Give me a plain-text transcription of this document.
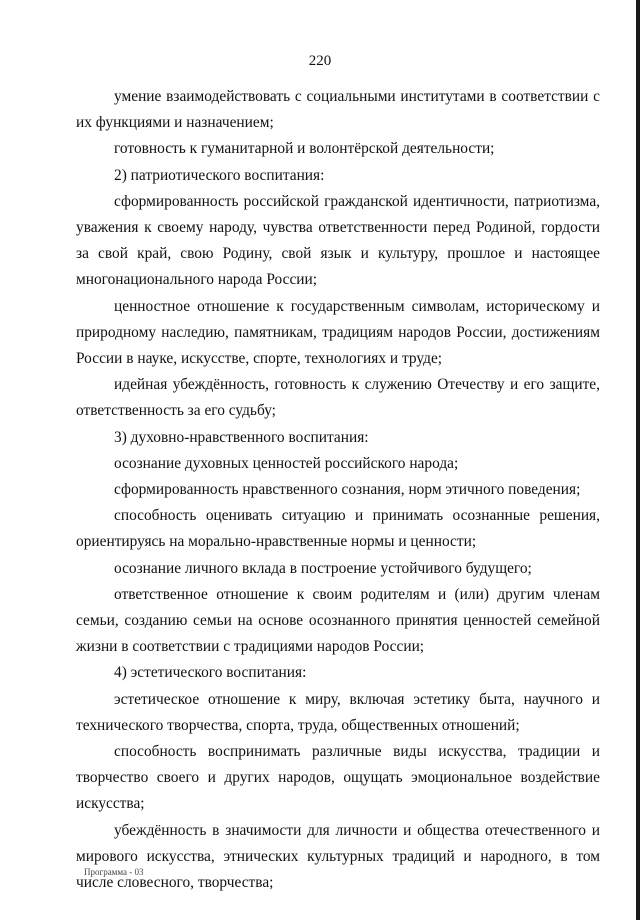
220

умение взаимодействовать с социальными институтами в соответствии с их функциями и назначением;

готовность к гуманитарной и волонтёрской деятельности;

2) патриотического воспитания:

сформированность российской гражданской идентичности, патриотизма, уважения к своему народу, чувства ответственности перед Родиной, гордости за свой край, свою Родину, свой язык и культуру, прошлое и настоящее многонационального народа России;

ценностное отношение к государственным символам, историческому и природному наследию, памятникам, традициям народов России, достижениям России в науке, искусстве, спорте, технологиях и труде;

идейная убеждённость, готовность к служению Отечеству и его защите, ответственность за его судьбу;

3) духовно-нравственного воспитания:

осознание духовных ценностей российского народа;

сформированность нравственного сознания, норм этичного поведения;

способность оценивать ситуацию и принимать осознанные решения, ориентируясь на морально-нравственные нормы и ценности;

осознание личного вклада в построение устойчивого будущего;

ответственное отношение к своим родителям и (или) другим членам семьи, созданию семьи на основе осознанного принятия ценностей семейной жизни в соответствии с традициями народов России;

4) эстетического воспитания:

эстетическое отношение к миру, включая эстетику быта, научного и технического творчества, спорта, труда, общественных отношений;

способность воспринимать различные виды искусства, традиции и творчество своего и других народов, ощущать эмоциональное воздействие искусства;

убеждённость в значимости для личности и общества отечественного и мирового искусства, этнических культурных традиций и народного, в том числе словесного, творчества;

Программа - 03
